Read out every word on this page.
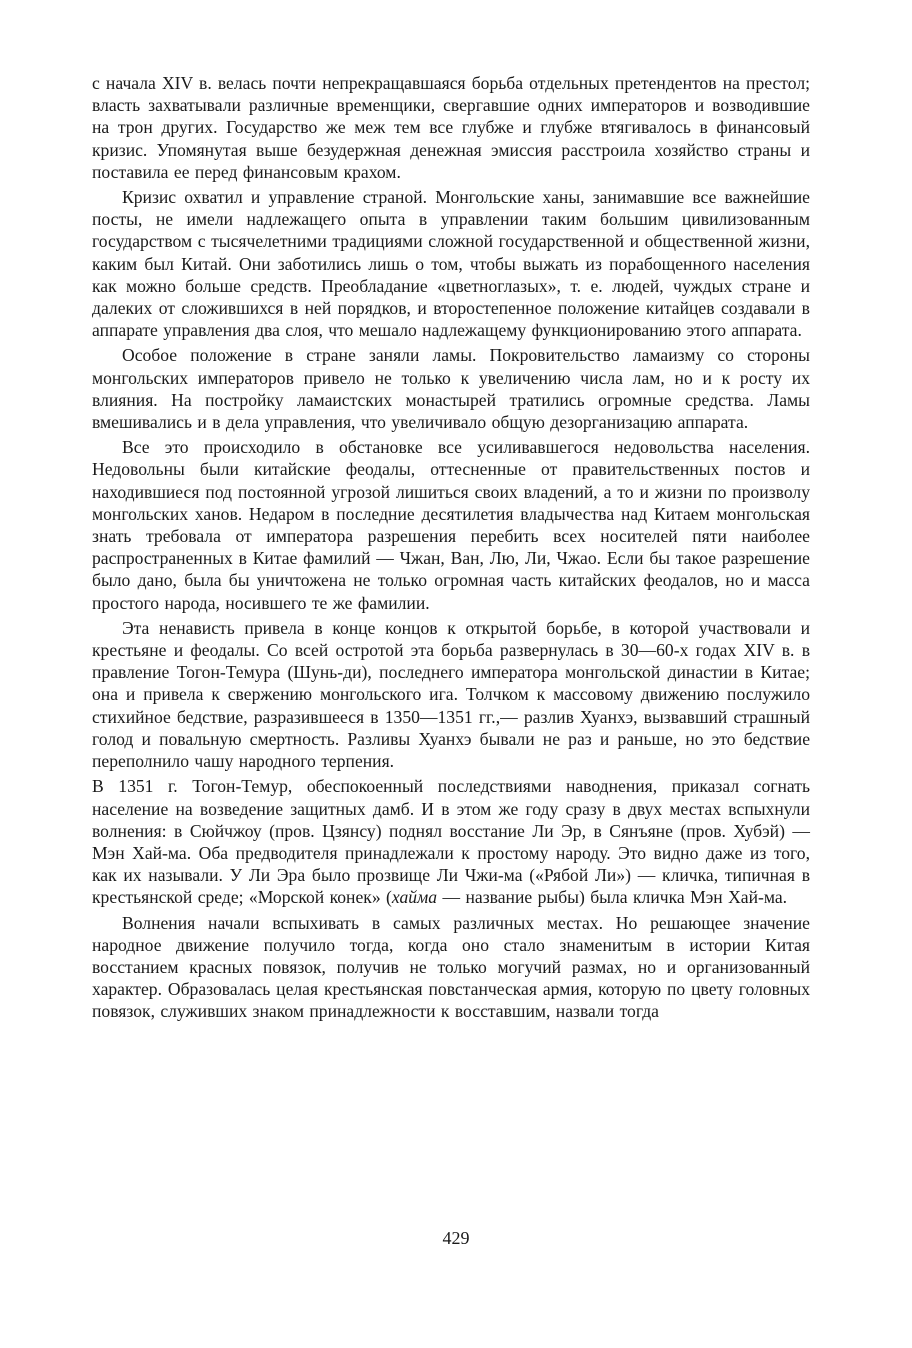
с начала XIV в. велась почти непрекращавшаяся борьба отдельных претендентов на престол; власть захватывали различные временщики, свергавшие одних императоров и возводившие на трон других. Государство же меж тем все глубже и глубже втягивалось в финансовый кризис. Упомянутая выше безудержная денежная эмиссия расстроила хозяйство страны и поставила ее перед финансовым крахом.

Кризис охватил и управление страной. Монгольские ханы, занимавшие все важнейшие посты, не имели надлежащего опыта в управлении таким большим цивилизованным государством с тысячелетними традициями сложной государственной и общественной жизни, каким был Китай. Они заботились лишь о том, чтобы выжать из порабощенного населения как можно больше средств. Преобладание «цветноглазых», т. е. людей, чуждых стране и далеких от сложившихся в ней порядков, и второстепенное положение китайцев создавали в аппарате управления два слоя, что мешало надлежащему функционированию этого аппарата.

Особое положение в стране заняли ламы. Покровительство ламаизму со стороны монгольских императоров привело не только к увеличению числа лам, но и к росту их влияния. На постройку ламаистских монастырей тратились огромные средства. Ламы вмешивались и в дела управления, что увеличивало общую дезорганизацию аппарата.

Все это происходило в обстановке все усиливавшегося недовольства населения. Недовольны были китайские феодалы, оттесненные от правительственных постов и находившиеся под постоянной угрозой лишиться своих владений, а то и жизни по произволу монгольских ханов. Недаром в последние десятилетия владычества над Китаем монгольская знать требовала от императора разрешения перебить всех носителей пяти наиболее распространенных в Китае фамилий — Чжан, Ван, Лю, Ли, Чжао. Если бы такое разрешение было дано, была бы уничтожена не только огромная часть китайских феодалов, но и масса простого народа, носившего те же фамилии.

Эта ненависть привела в конце концов к открытой борьбе, в которой участвовали и крестьяне и феодалы. Со всей остротой эта борьба развернулась в 30—60-х годах XIV в. в правление Тогон-Темура (Шунь-ди), последнего императора монгольской династии в Китае; она и привела к свержению монгольского ига. Толчком к массовому движению послужило стихийное бедствие, разразившееся в 1350—1351 гг.,— разлив Хуанхэ, вызвавший страшный голод и повальную смертность. Разливы Хуанхэ бывали не раз и раньше, но это бедствие переполнило чашу народного терпения.

В 1351 г. Тогон-Темур, обеспокоенный последствиями наводнения, приказал согнать население на возведение защитных дамб. И в этом же году сразу в двух местах вспыхнули волнения: в Сюйчжоу (пров. Цзянсу) поднял восстание Ли Эр, в Сянъяне (пров. Хубэй) — Мэн Хай-ма. Оба предводителя принадлежали к простому народу. Это видно даже из того, как их называли. У Ли Эра было прозвище Ли Чжи-ма («Рябой Ли») — кличка, типичная в крестьянской среде; «Морской конек» (хайма — название рыбы) была кличка Мэн Хай-ма.

Волнения начали вспыхивать в самых различных местах. Но решающее значение народное движение получило тогда, когда оно стало знаменитым в истории Китая восстанием красных повязок, получив не только могучий размах, но и организованный характер. Образовалась целая крестьянская повстанческая армия, которую по цвету головных повязок, служивших знаком принадлежности к восставшим, назвали тогда

429
